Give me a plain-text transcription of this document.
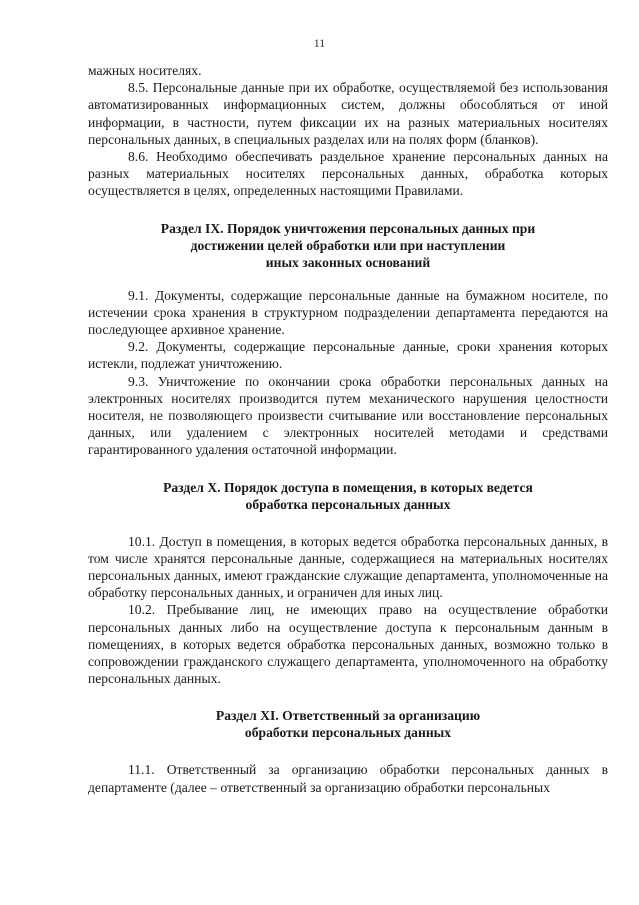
11

мажных носителях.

8.5. Персональные данные при их обработке, осуществляемой без использования автоматизированных информационных систем, должны обособляться от иной информации, в частности, путем фиксации их на разных материальных носителях персональных данных, в специальных разделах или на полях форм (бланков).

8.6. Необходимо обеспечивать раздельное хранение персональных данных на разных материальных носителях персональных данных, обработка которых осуществляется в целях, определенных настоящими Правилами.

Раздел IX. Порядок уничтожения персональных данных при

достижении целей обработки или при наступлении

иных законных оснований

9.1. Документы, содержащие персональные данные на бумажном носителе, по истечении срока хранения в структурном подразделении департамента передаются на последующее архивное хранение.

9.2. Документы, содержащие персональные данные, сроки хранения которых истекли, подлежат уничтожению.

9.3. Уничтожение по окончании срока обработки персональных данных на электронных носителях производится путем механического нарушения целостности носителя, не позволяющего произвести считывание или восстановление персональных данных, или удалением с электронных носителей методами и средствами гарантированного удаления остаточной информации.

Раздел X. Порядок доступа в помещения, в которых ведется

обработка персональных данных

10.1. Доступ в помещения, в которых ведется обработка персональных данных, в том числе хранятся персональные данные, содержащиеся на материальных носителях персональных данных, имеют гражданские служащие департамента, уполномоченные на обработку персональных данных, и ограничен для иных лиц.

10.2. Пребывание лиц, не имеющих право на осуществление обработки персональных данных либо на осуществление доступа к персональным данным в помещениях, в которых ведется обработка персональных данных, возможно только в сопровождении гражданского служащего департамента, уполномоченного на обработку персональных данных.

Раздел XI. Ответственный за организацию

обработки персональных данных

11.1. Ответственный за организацию обработки персональных данных в департаменте (далее – ответственный за организацию обработки персональных
